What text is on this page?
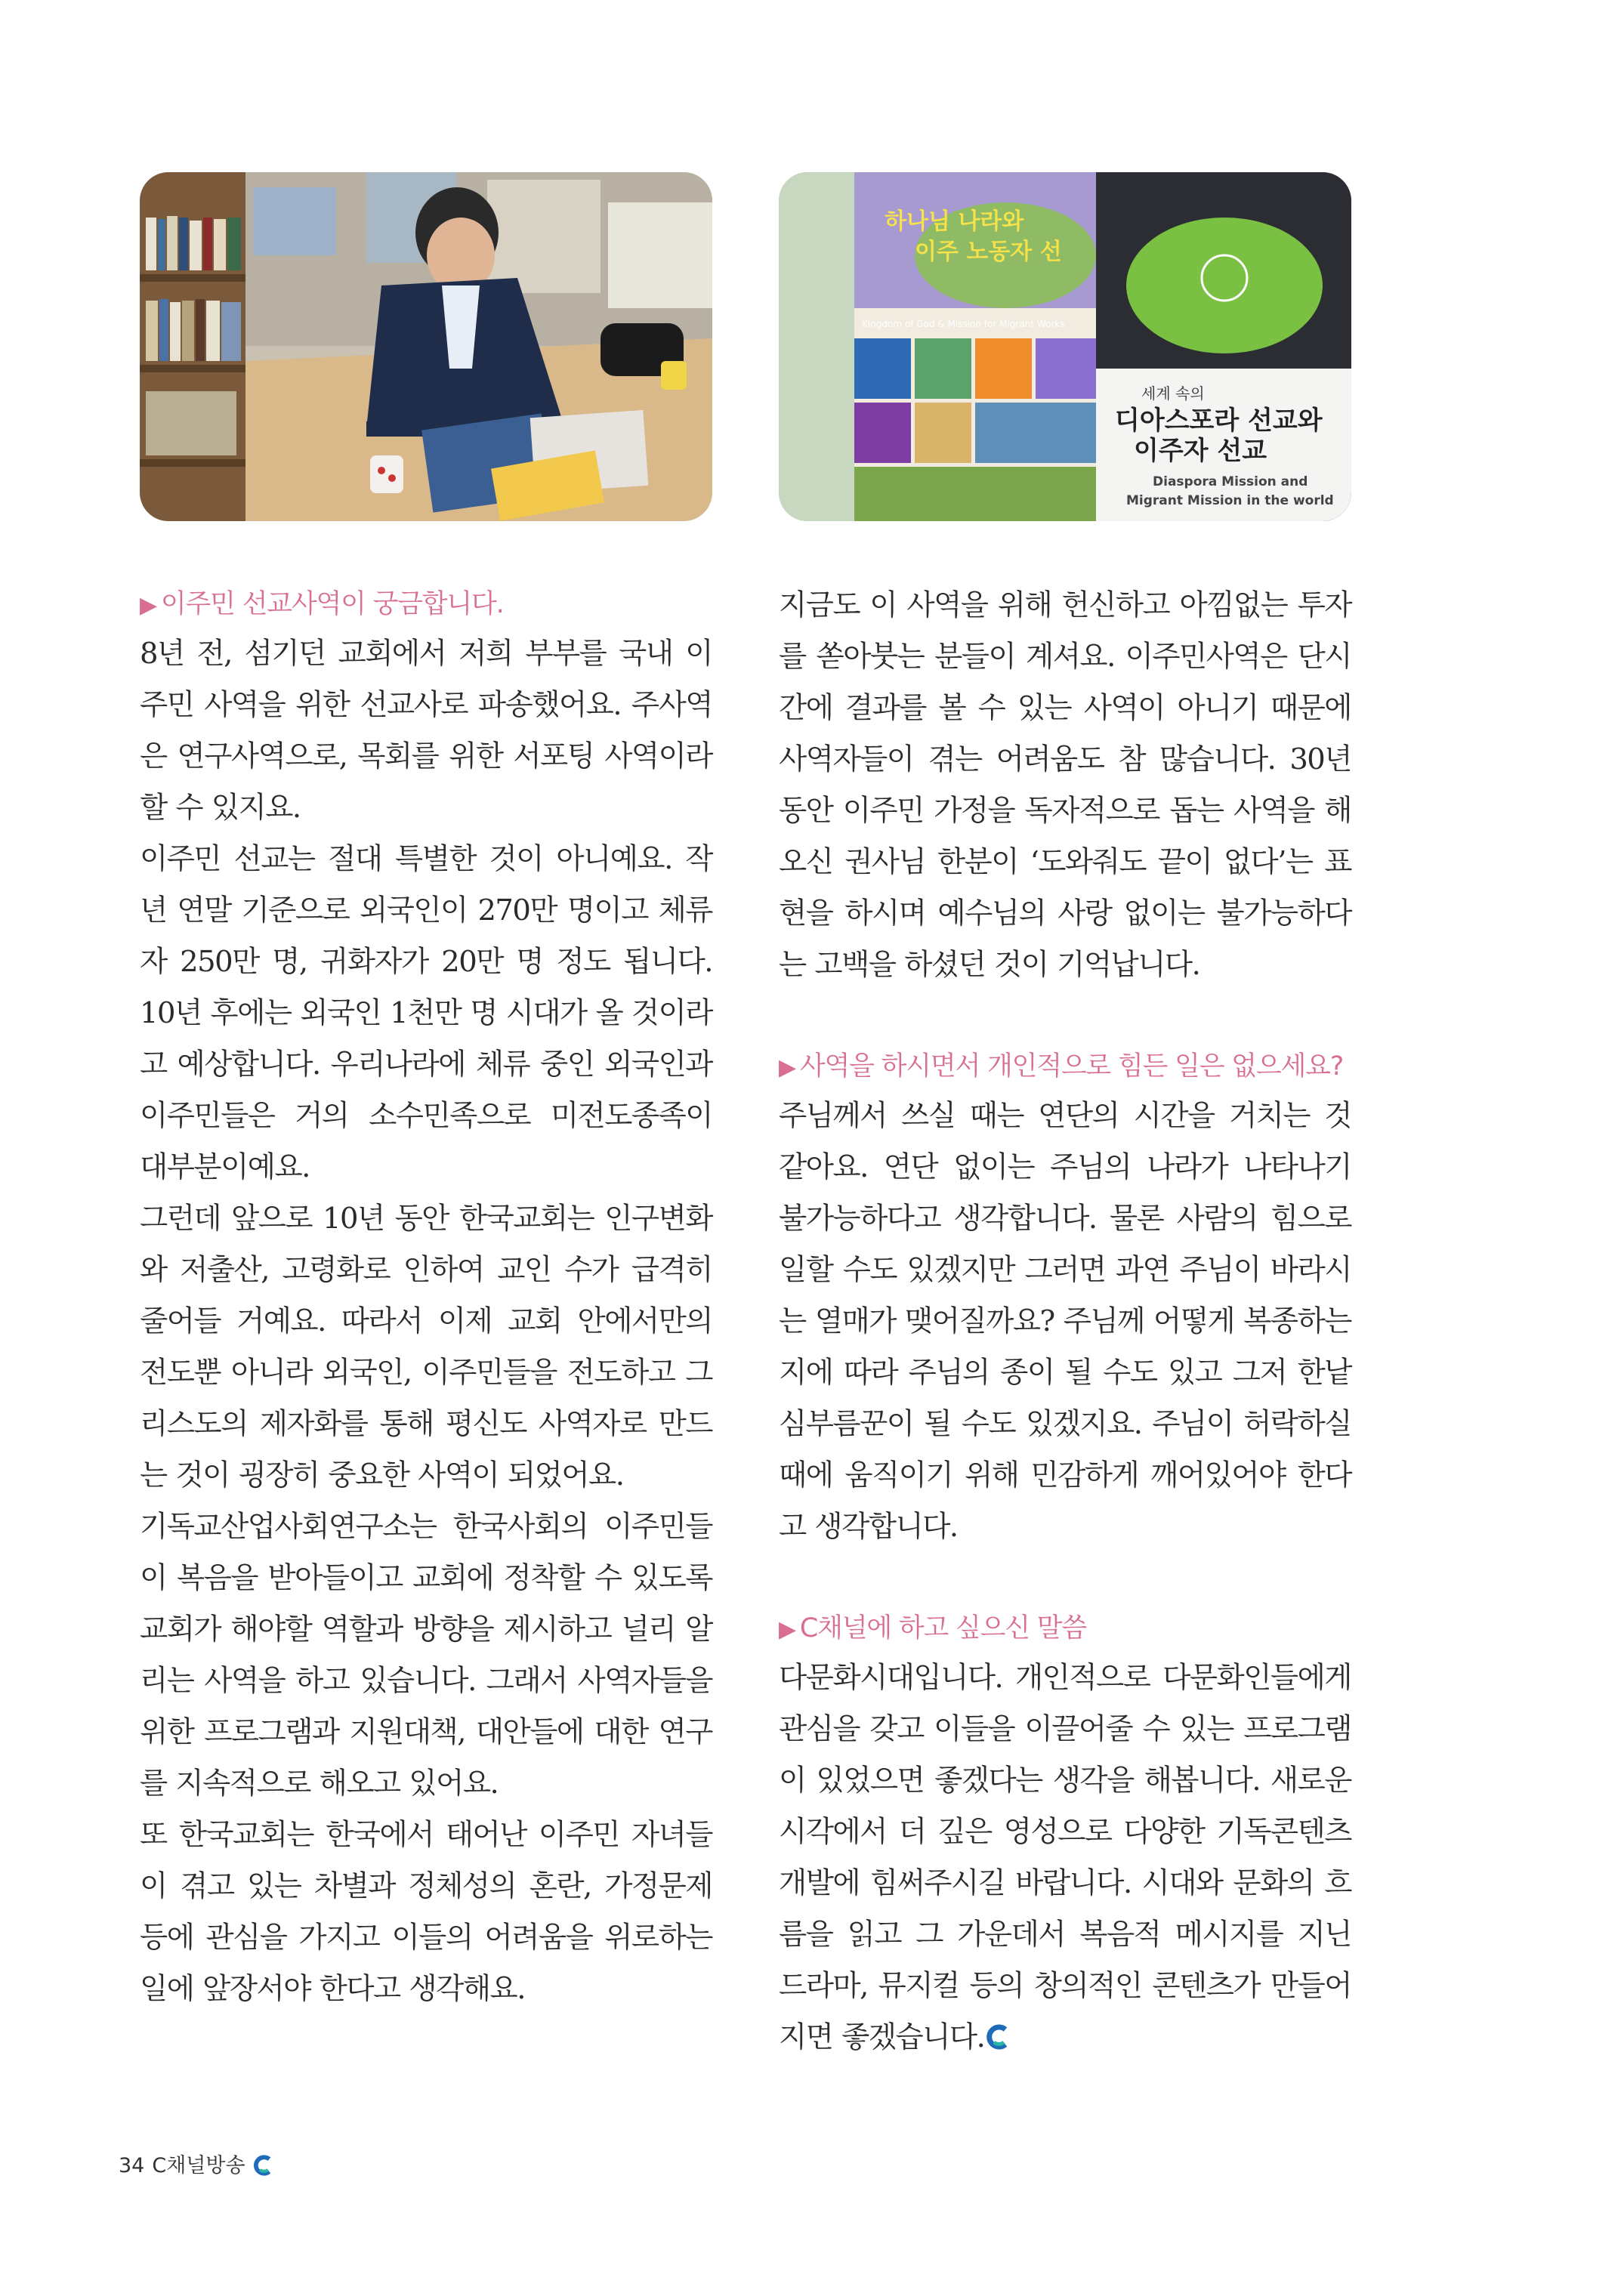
하나님 나라와
이주 노동자 선
Kingdom of God & Mission for Migrant Works
세계 속의
디아스포라 선교와
이주자 선교
Diaspora Mission and
Migrant Mission in the world

▶ 이주민 선교사역이 궁금합니다.

8년 전, 섬기던 교회에서 저희 부부를 국내 이주민 사역을 위한 선교사로 파송했어요. 주사역은 연구사역으로, 목회를 위한 서포팅 사역이라 할 수 있지요.

이주민 선교는 절대 특별한 것이 아니예요. 작년 연말 기준으로 외국인이 270만 명이고 체류자 250만 명, 귀화자가 20만 명 정도 됩니다. 10년 후에는 외국인 1천만 명 시대가 올 것이라고 예상합니다. 우리나라에 체류 중인 외국인과 이주민들은 거의 소수민족으로 미전도종족이 대부분이예요.

그런데 앞으로 10년 동안 한국교회는 인구변화와 저출산, 고령화로 인하여 교인 수가 급격히 줄어들 거예요. 따라서 이제 교회 안에서만의 전도뿐 아니라 외국인, 이주민들을 전도하고 그리스도의 제자화를 통해 평신도 사역자로 만드는 것이 굉장히 중요한 사역이 되었어요.

기독교산업사회연구소는 한국사회의 이주민들이 복음을 받아들이고 교회에 정착할 수 있도록 교회가 해야할 역할과 방향을 제시하고 널리 알리는 사역을 하고 있습니다. 그래서 사역자들을 위한 프로그램과 지원대책, 대안들에 대한 연구를 지속적으로 해오고 있어요.

또 한국교회는 한국에서 태어난 이주민 자녀들이 겪고 있는 차별과 정체성의 혼란, 가정문제 등에 관심을 가지고 이들의 어려움을 위로하는 일에 앞장서야 한다고 생각해요.

지금도 이 사역을 위해 헌신하고 아낌없는 투자를 쏟아붓는 분들이 계셔요. 이주민사역은 단시간에 결과를 볼 수 있는 사역이 아니기 때문에 사역자들이 겪는 어려움도 참 많습니다. 30년 동안 이주민 가정을 독자적으로 돕는 사역을 해오신 권사님 한분이 ‘도와줘도 끝이 없다’는 표현을 하시며 예수님의 사랑 없이는 불가능하다는 고백을 하셨던 것이 기억납니다.

▶ 사역을 하시면서 개인적으로 힘든 일은 없으세요?

주님께서 쓰실 때는 연단의 시간을 거치는 것 같아요. 연단 없이는 주님의 나라가 나타나기 불가능하다고 생각합니다. 물론 사람의 힘으로 일할 수도 있겠지만 그러면 과연 주님이 바라시는 열매가 맺어질까요? 주님께 어떻게 복종하는지에 따라 주님의 종이 될 수도 있고 그저 한낱 심부름꾼이 될 수도 있겠지요. 주님이 허락하실 때에 움직이기 위해 민감하게 깨어있어야 한다고 생각합니다.

▶ C채널에 하고 싶으신 말씀

다문화시대입니다. 개인적으로 다문화인들에게 관심을 갖고 이들을 이끌어줄 수 있는 프로그램이 있었으면 좋겠다는 생각을 해봅니다. 새로운 시각에서 더 깊은 영성으로 다양한 기독콘텐츠 개발에 힘써주시길 바랍니다. 시대와 문화의 흐름을 읽고 그 가운데서 복음적 메시지를 지닌 드라마, 뮤지컬 등의 창의적인 콘텐츠가 만들어지면 좋겠습니다.

34 C채널방송
